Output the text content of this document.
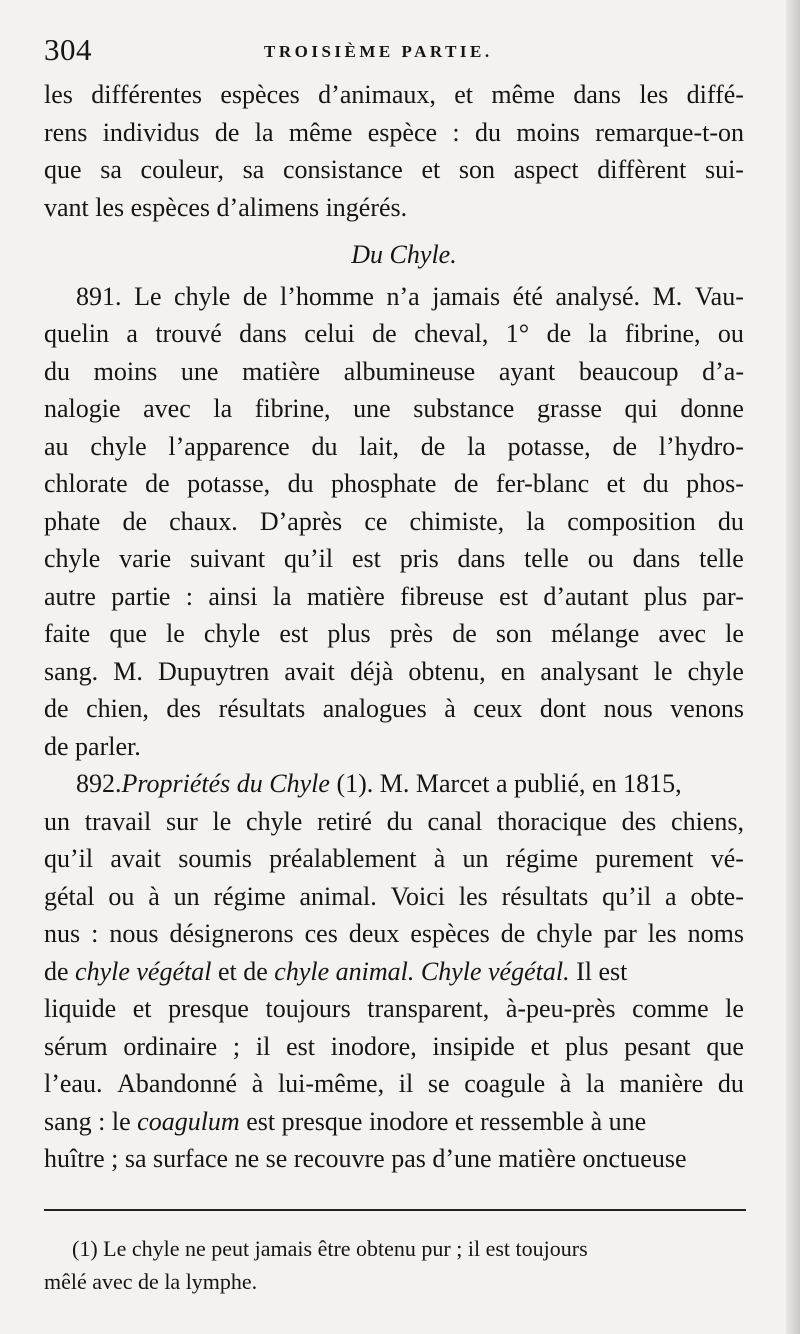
304	TROISIÈME PARTIE.
les différentes espèces d’animaux, et même dans les diffé-
rens individus de la même espèce : du moins remarque-t-on
que sa couleur, sa consistance et son aspect diffèrent sui-
vant les espèces d’alimens ingérés.
Du Chyle.
891. Le chyle de l’homme n’a jamais été analysé. M. Vau-
quelin a trouvé dans celui de cheval, 1° de la fibrine, ou
du moins une matière albumineuse ayant beaucoup d’a-
nalogie avec la fibrine, une substance grasse qui donne
au chyle l’apparence du lait, de la potasse, de l’hydro-
chlorate de potasse, du phosphate de fer-blanc et du phos-
phate de chaux. D’après ce chimiste, la composition du
chyle varie suivant qu’il est pris dans telle ou dans telle
autre partie : ainsi la matière fibreuse est d’autant plus par-
faite que le chyle est plus près de son mélange avec le
sang. M. Dupuytren avait déjà obtenu, en analysant le chyle
de chien, des résultats analogues à ceux dont nous venons
de parler.
892.Propriétés du Chyle (1). M. Marcet a publié, en 1815,
un travail sur le chyle retiré du canal thoracique des chiens,
qu’il avait soumis préalablement à un régime purement vé-
gétal ou à un régime animal. Voici les résultats qu’il a obte-
nus : nous désignerons ces deux espèces de chyle par les noms
de chyle végétal et de chyle animal.
Chyle végétal. Il est
liquide et presque toujours transparent, à-peu-près comme le
sérum ordinaire ; il est inodore, insipide et plus pesant que
l’eau. Abandonné à lui-même, il se coagule à la manière du
sang : le coagulum est presque inodore et ressemble à une
huître ; sa surface ne se recouvre pas d’une matière onctueuse
(1) Le chyle ne peut jamais être obtenu pur ; il est toujours
mêlé avec de la lymphe.
